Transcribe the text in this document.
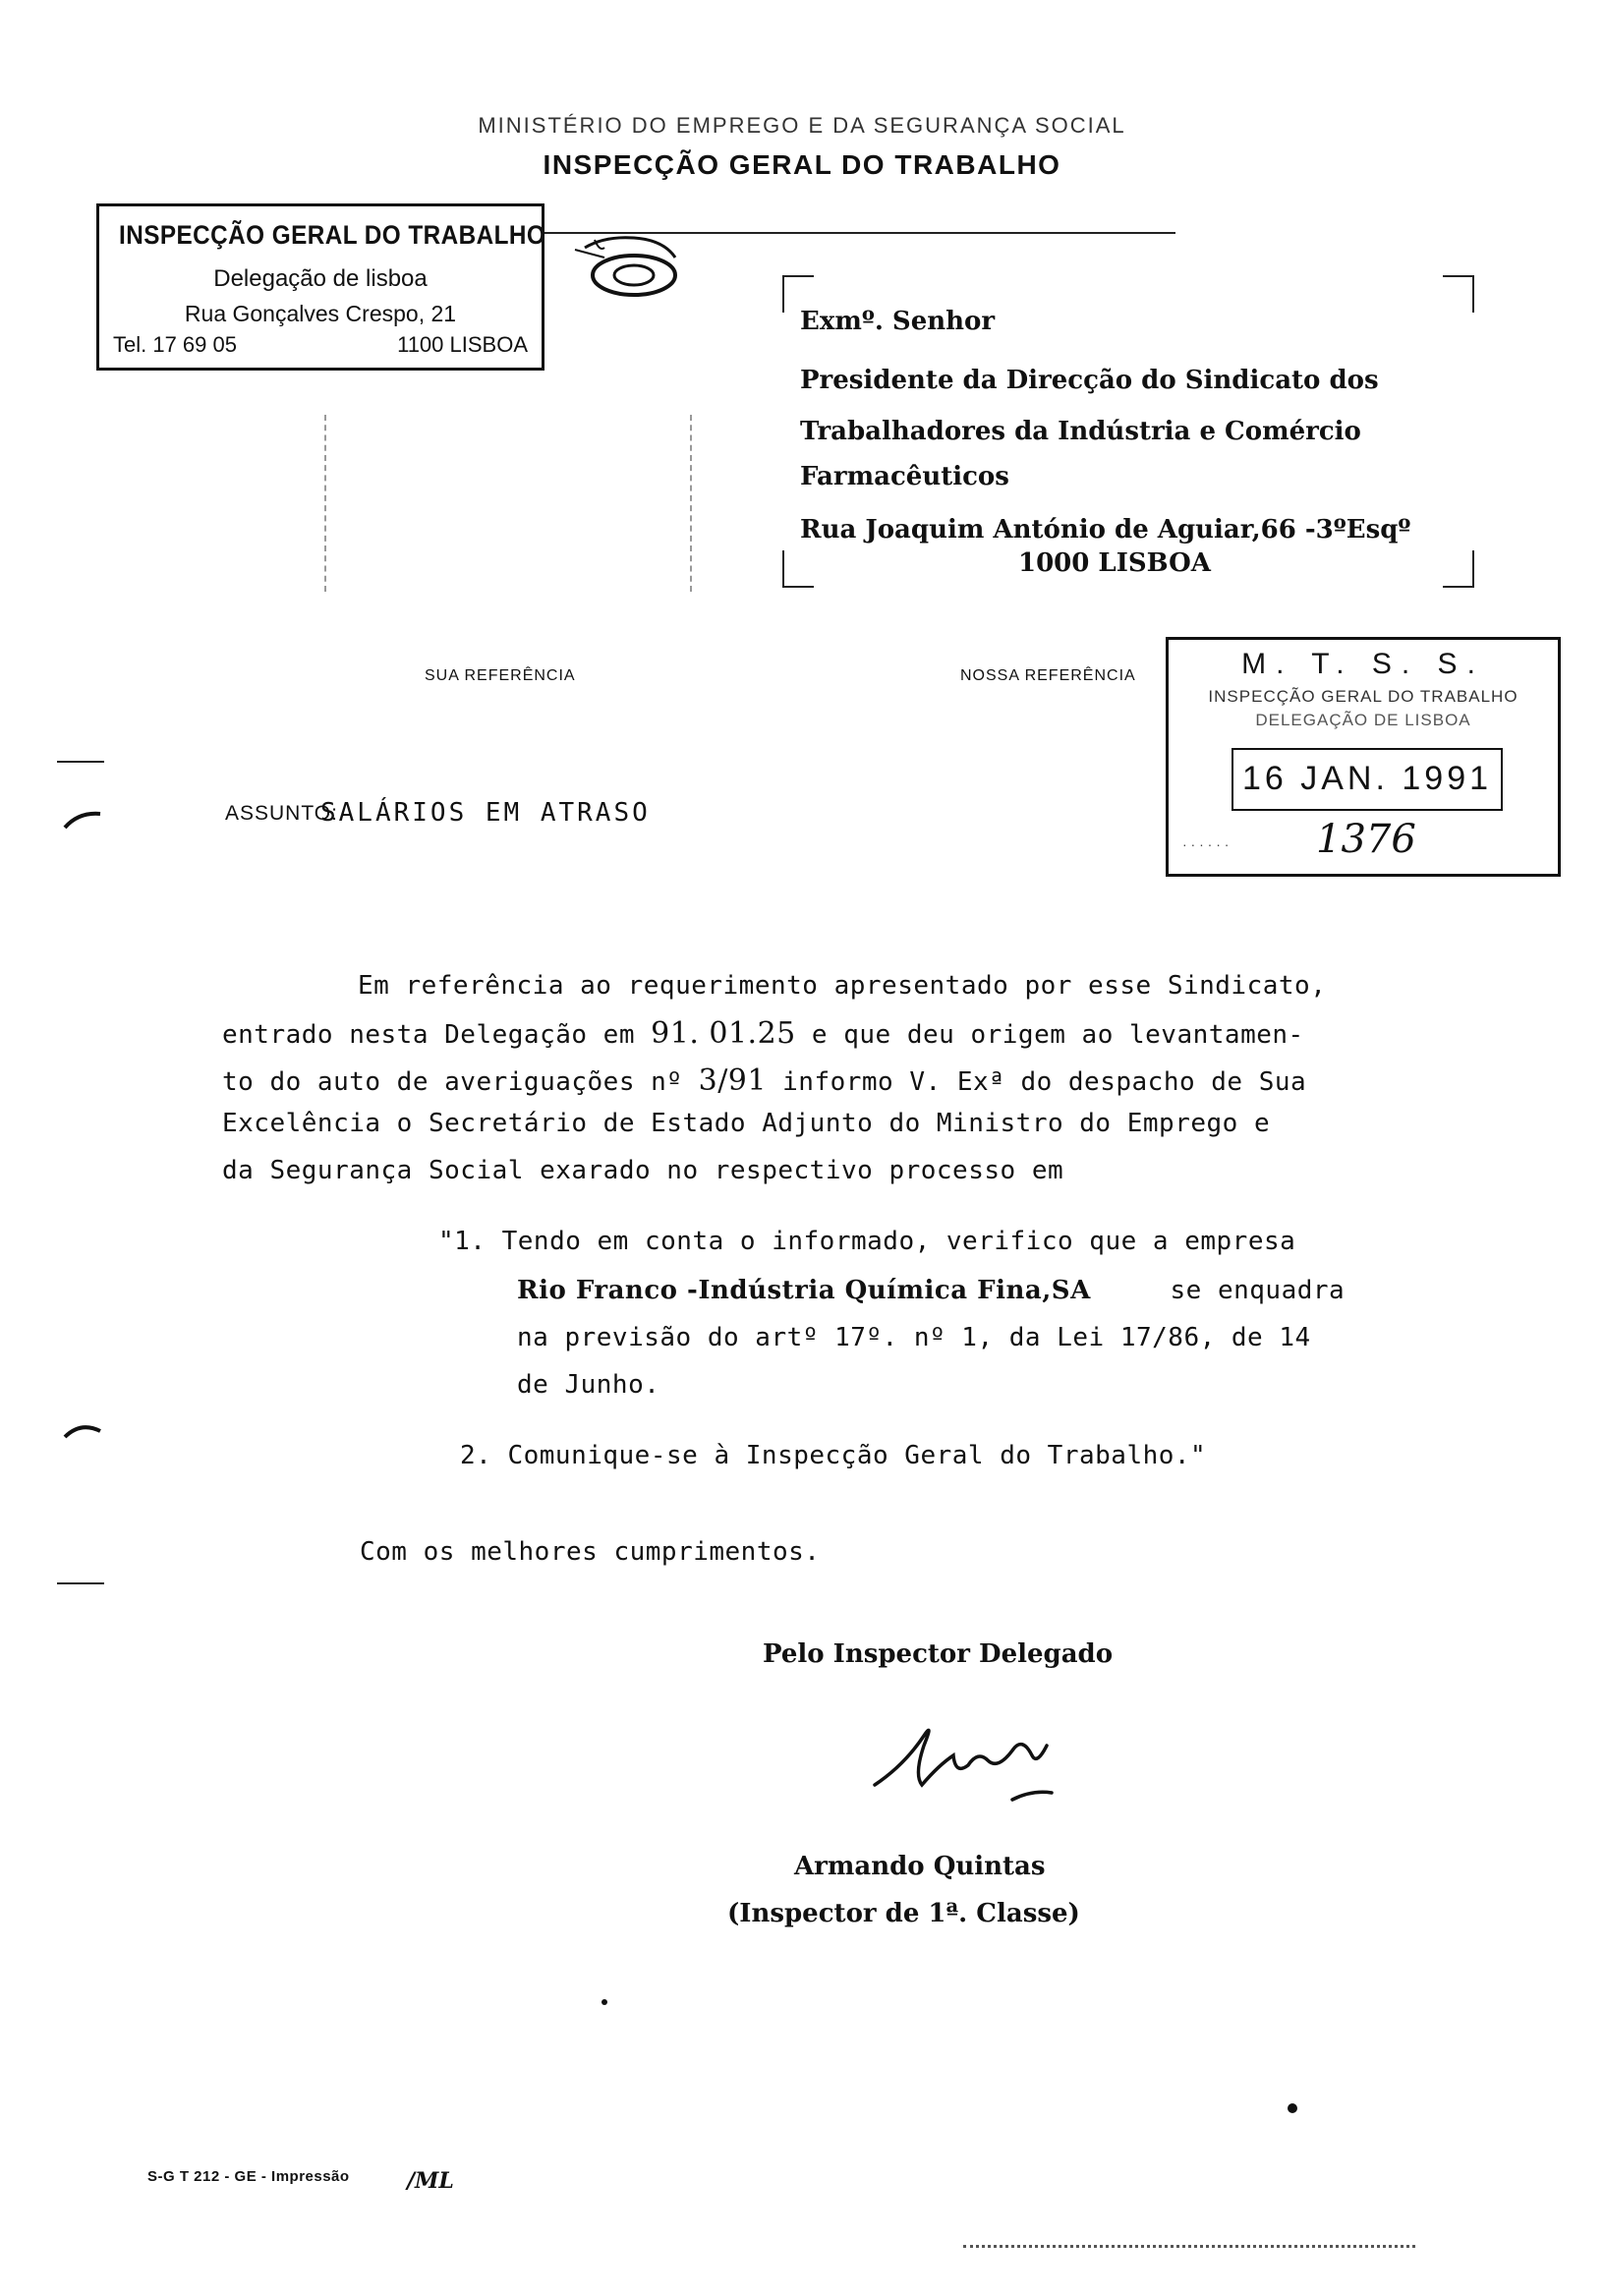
MINISTÉRIO DO EMPREGO E DA SEGURANÇA SOCIAL
INSPECÇÃO GERAL DO TRABALHO
INSPECÇÃO GERAL DO TRABALHO
Delegação de lisboa
Rua Gonçalves Crespo, 21
Tel. 17 69 05	1100 LISBOA
Exmº. Senhor
Presidente da Direcção do Sindicato dos
Trabalhadores da Indústria e Comércio
Farmacêuticos
Rua Joaquim António de Aguiar,66 -3ºEsqº
1000 LISBOA
SUA REFERÊNCIA	NOSSA REFERÊNCIA	M. T. S. S.
INSPECÇÃO GERAL DO TRABALHO
DELEGAÇÃO DE LISBOA
16 JAN. 1991
· · · · · · 1376
ASSUNTO:
SALÁRIOS EM ATRASO
Em referência ao requerimento apresentado por esse Sindicato,
entrado nesta Delegação em 91. 01.25 e que deu origem ao levantamen-
to do auto de averiguações nº 3/91 informo V. Exª do despacho de Sua
Excelência o Secretário de Estado Adjunto do Ministro do Emprego e
da Segurança Social exarado no respectivo processo em
"1. Tendo em conta o informado, verifico que a empresa
Rio Franco -Indústria Química Fina,SA     se enquadra
na previsão do artº 17º. nº 1, da Lei 17/86, de 14
de Junho.
2. Comunique-se à Inspecção Geral do Trabalho."
Com os melhores cumprimentos.
Pelo Inspector Delegado
Armando Quintas
(Inspector de 1ª. Classe)
S-G T 212 - GE - Impressão	/ML
